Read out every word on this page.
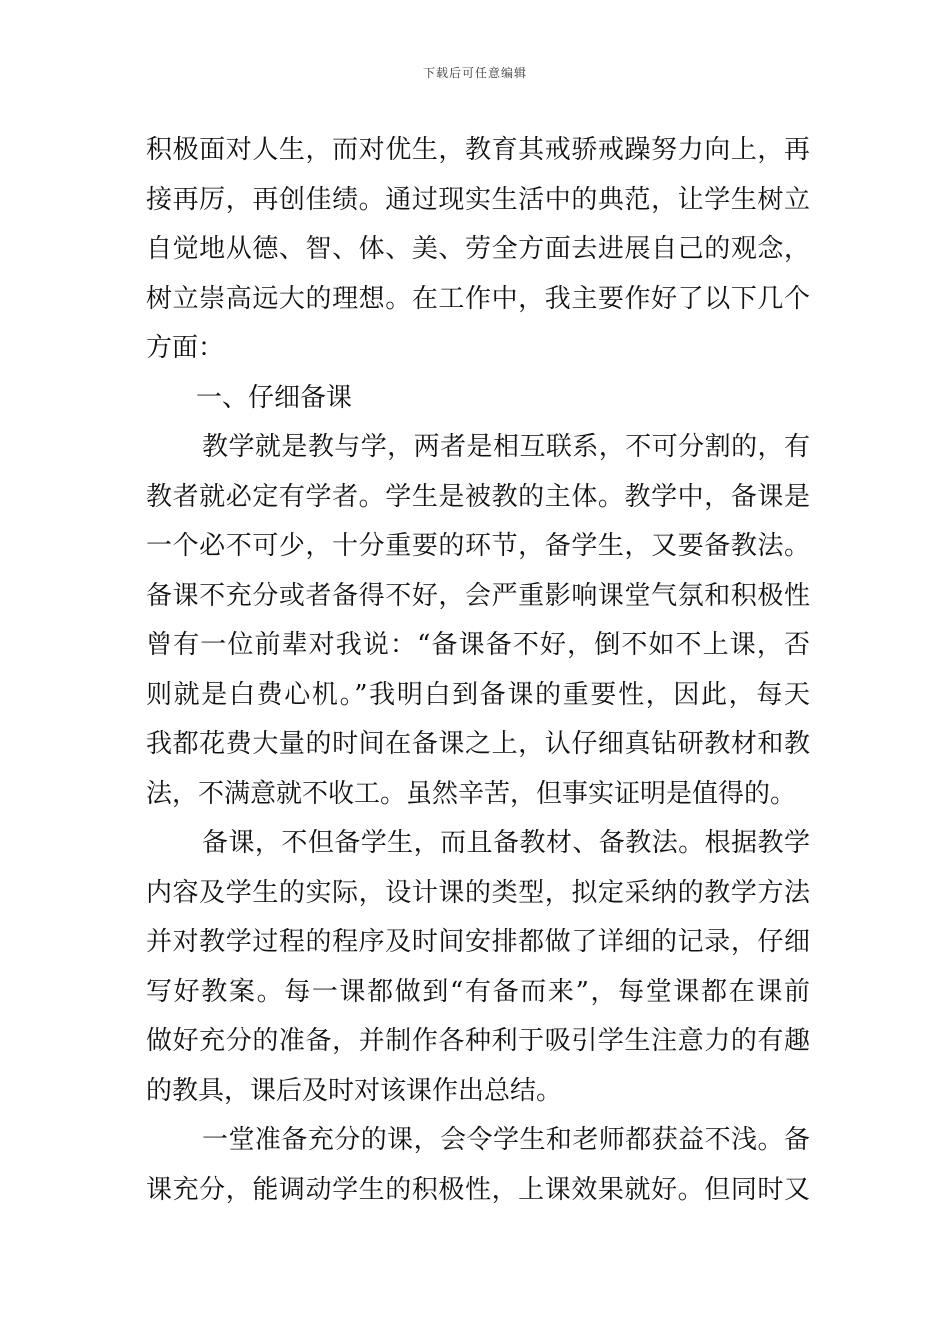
下载后可任意编辑
积极面对人生，而对优生，教育其戒骄戒躁努力向上，再
接再厉，再创佳绩。通过现实生活中的典范，让学生树立
自觉地从德、智、体、美、劳全方面去进展自己的观念，
树立崇高远大的理想。在工作中，我主要作好了以下几个
方面：
一、仔细备课
教学就是教与学，两者是相互联系，不可分割的，有
教者就必定有学者。学生是被教的主体。教学中，备课是
一个必不可少，十分重要的环节，备学生，又要备教法。
备课不充分或者备得不好，会严重影响课堂气氛和积极性
曾有一位前辈对我说：“备课备不好，倒不如不上课，否
则就是白费心机。”我明白到备课的重要性，因此，每天
我都花费大量的时间在备课之上，认仔细真钻研教材和教
法，不满意就不收工。虽然辛苦，但事实证明是值得的。
备课，不但备学生，而且备教材、备教法。根据教学
内容及学生的实际，设计课的类型，拟定采纳的教学方法
并对教学过程的程序及时间安排都做了详细的记录，仔细
写好教案。每一课都做到“有备而来”，每堂课都在课前
做好充分的准备，并制作各种利于吸引学生注意力的有趣
的教具，课后及时对该课作出总结。
一堂准备充分的课，会令学生和老师都获益不浅。备
课充分，能调动学生的积极性，上课效果就好。但同时又
